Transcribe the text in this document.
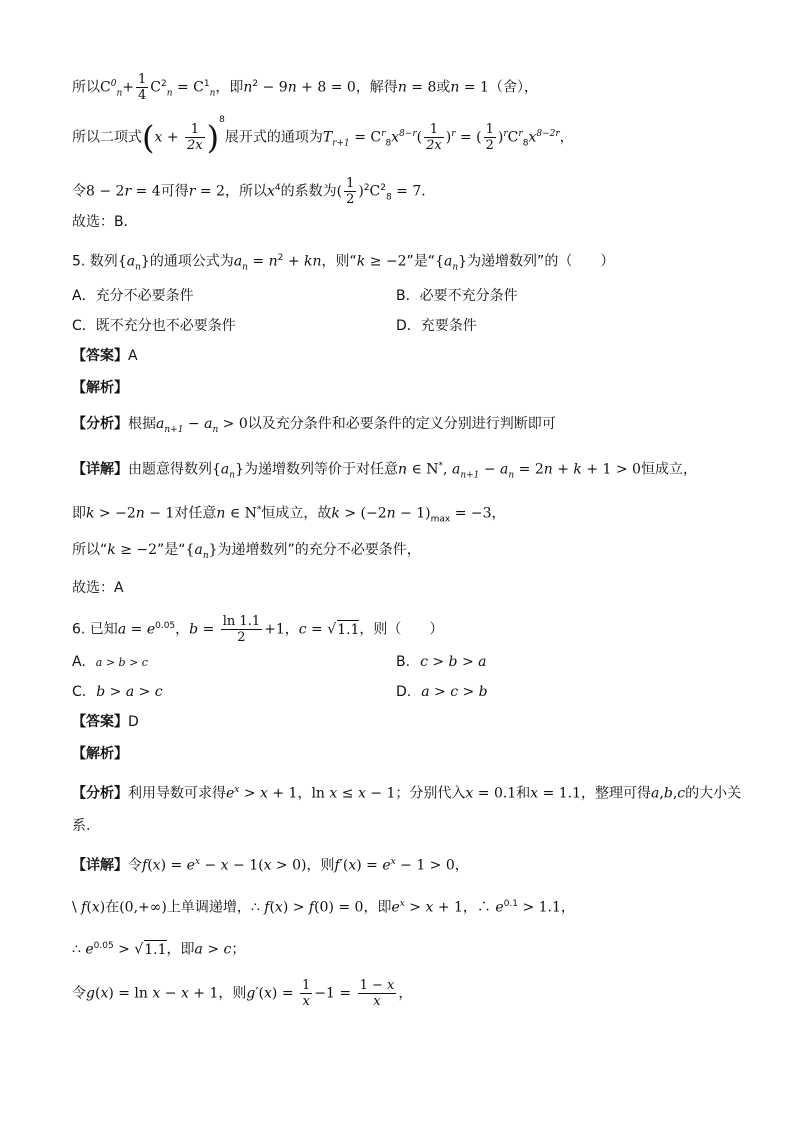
所以$C^0_n+ \frac{1}{4} C^2_n = C^1_n$，即$n^2 - 9n + 8 = 0$，解得n = 8或n = 1（舍），
所以二项式$(x + \frac{1}{2x} )^8$展开式的通项为$T_{r+1} = C^r_8x^{8-r}( \frac{1}{2x} )^r$ = ( $\frac{1}{2} )^rC^r_8x^{8-2r}$，
令8 − 2r = 4可得r = 2，所以$x^4$的系数为( $\frac{1}{2} )^2C^2_8 = 7$．
故选：B．
5. 数列$\{a_n\}$的通项公式为$a_n = n^2$ + kn，则“k ≥ −2”是“$\{a_n\}$为递增数列”的（　　）
A．充分不必要条件	B．必要不充分条件
C．既不充分也不必要条件	D．充要条件
【答案】A
【解析】
【分析】根据$a_{n+1} - a_n > 0$以及充分条件和必要条件的定义分别进行判断即可
【详解】由题意得数列$\{a_n\}$为递增数列等价于对任意n ∈ N*, $a_{n+1} - a_n = 2n + k + 1 > 0$恒成立，
即k > −2n − 1对任意n ∈ N*恒成立，故$k > (-2n - 1)_{max} = -3$，
所以“k ≥ −2”是“$\{a_n\}$为递增数列”的充分不必要条件，
故选：A
6. 已知$a = e^{0.05}$，$b = \frac{\ln 1.1}{2} +1$，c = √1.1，则（　　）
A. a > b > c	B. c > b > a
C. b > a > c	D. a > c > b
【答案】D
【解析】
【分析】利用导数可求得$e^x > x + 1$，ln x ≤ x − 1；分别代入x = 0.1和x = 1.1，整理可得a,b,c的大小关
系.
【详解】令$f(x) = e^x - x - 1(x > 0)$，则$f'(x) = e^x - 1 > 0$，
\ f(x)在(0,+∞)上单调递增，∴ f(x) > f(0) = 0，即$e^x > x + 1$，∴ $e^{0.1} > 1.1$，
∴ $e^{0.05} > √1.1$，即a > c；
令g(x) = ln x − x + 1，则$g'(x) = \frac{1}{x} -1 = \frac{1 - x}{x}$ ，
